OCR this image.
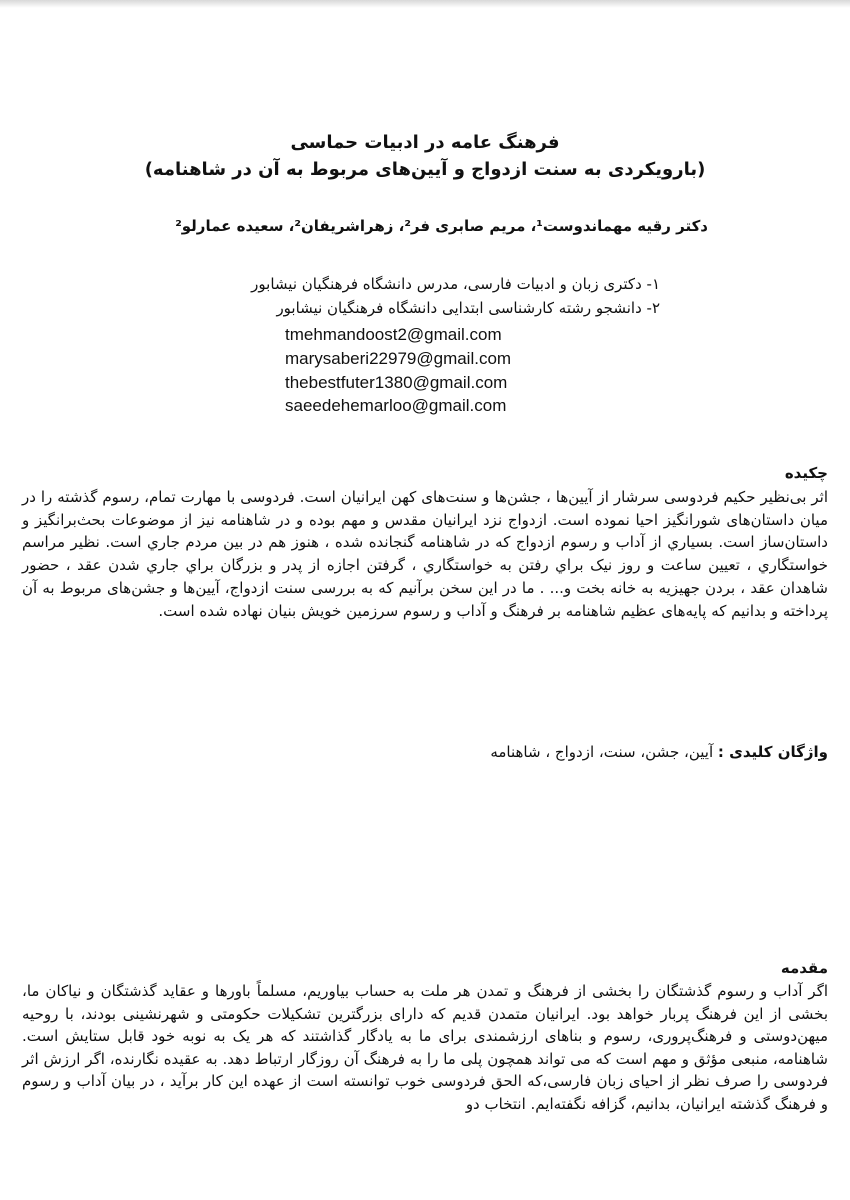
فرهنگ عامه در ادبیات حماسی
(بارویکردی به سنت ازدواج و آیین‌های مربوط به آن در شاهنامه)
دکتر رقیه مهماندوست¹، مریم صابری فر²، زهراشریفان²، سعیده عمارلو²
۱- دکتری زبان و ادبیات فارسی، مدرس دانشگاه فرهنگیان نیشابور
۲- دانشجو رشته کارشناسی ابتدایی دانشگاه فرهنگیان نیشابور
tmehmandoost2@gmail.com
marysaberi22979@gmail.com
thebestfuter1380@gmail.com
saeedehemarloo@gmail.com
چکیده
اثر بی‌نظیر حکیم فردوسی سرشار از آیین‌ها ، جشن‌ها و سنت‌های کهن ایرانیان است. فردوسی با مهارت تمام، رسوم گذشته را در میان داستان‌های شورانگیز احیا نموده است. ازدواج نزد ایرانیان مقدس و مهم بوده و در شاهنامه نیز از موضوعات بحث‌برانگیز و داستان‌ساز است. بسیاري از آداب و رسوم ازدواج که در شاهنامه گنجانده شده ، هنوز هم در بین مردم جاري است. نظیر مراسم خواستگاري ، تعیین ساعت و روز نیک براي رفتن به خواستگاري ، گرفتن اجازه از پدر و بزرگان براي جاري شدن عقد ، حضور شاهدان عقد ، بردن جهیزیه به خانه بخت و... . ما در این سخن برآنیم که به بررسی سنت ازدواج، آیین‌ها و جشن‌های مربوط به آن پرداخته و بدانیم که پایه‌های عظیم شاهنامه بر فرهنگ و آداب و رسوم سرزمین خویش بنیان نهاده شده است.
واژگان کلیدی : آیین، جشن، سنت، ازدواج ، شاهنامه
مقدمه
اگر آداب و رسوم گذشتگان را بخشی از فرهنگ و تمدن هر ملت به حساب بیاوریم، مسلماً باورها و عقاید گذشتگان و نیاکان ما، بخشی از این فرهنگ پربار خواهد بود. ایرانیان متمدن قدیم که دارای بزرگترین تشکیلات حکومتی و شهرنشینی بودند، با روحیه میهن‌دوستی و فرهنگ‌پروری، رسوم و بناهای ارزشمندی برای ما به یادگار گذاشتند که هر یک به نوبه خود قابل ستایش است. شاهنامه، منبعی مؤثق و مهم است که می تواند همچون پلی ما را به فرهنگ آن روزگار ارتباط دهد. به عقیده نگارنده، اگر ارزش اثر فردوسی را صرف نظر از احیای زبان فارسی،که الحق فردوسی خوب توانسته است از عهده این کار برآید ، در بیان آداب و رسوم و فرهنگ گذشته ایرانیان، بدانیم، گزافه نگفته‌ایم. انتخاب دو
